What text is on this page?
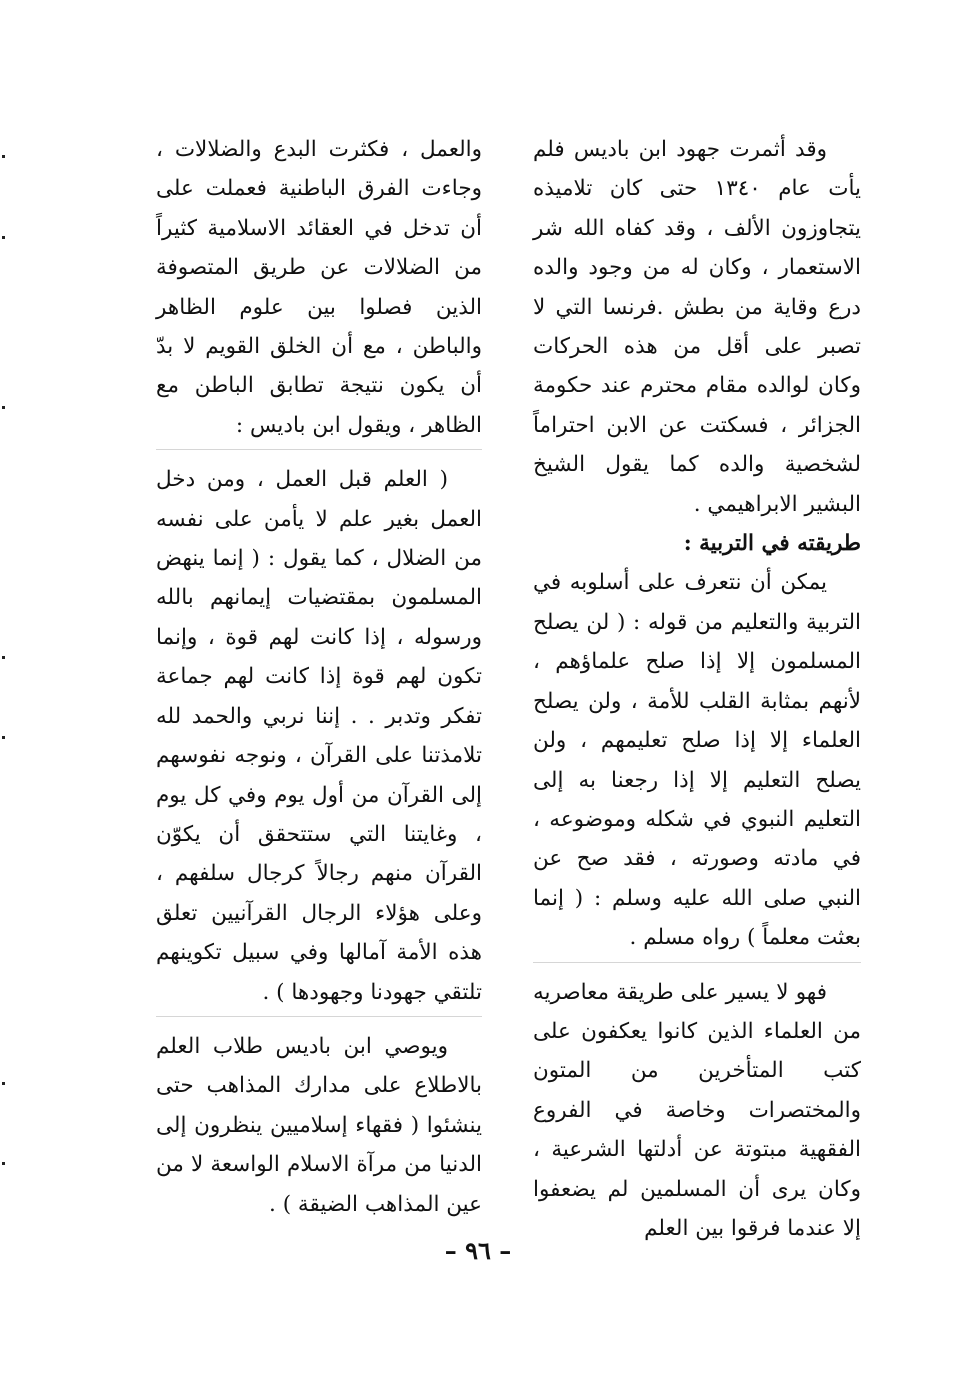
وقد أثمرت جهود ابن باديس فلم يأت عام ١٣٤٠ حتى كان تلاميذه يتجاوزون الألف ، وقد كفاه الله شر الاستعمار ، وكان له من وجود والده درع وقاية من بطش .فرنسا التي لا تصبر على أقل من هذه الحركات وكان لوالده مقام محترم عند حكومة الجزائر ، فسكتت عن الابن احتراماً لشخصية والده كما يقول الشيخ البشير الابراهيمي .

طريقته في التربية :

يمكن أن نتعرف على أسلوبه في التربية والتعليم من قوله : ( لن يصلح المسلمون إلا إذا صلح علماؤهم ، لأنهم بمثابة القلب للأمة ، ولن يصلح العلماء إلا إذا صلح تعليمهم ، ولن يصلح التعليم إلا إذا رجعنا به إلى التعليم النبوي في شكله وموضوعه ، في مادته وصورته ، فقد صح عن النبي صلى الله عليه وسلم : ( إنما بعثت معلماً ) رواه مسلم .

فهو لا يسير على طريقة معاصريه من العلماء الذين كانوا يعكفون على كتب المتأخرين من المتون والمختصرات وخاصة في الفروع الفقهية مبتوتة عن أدلتها الشرعية ، وكان يرى أن المسلمين لم يضعفوا إلا عندما فرقوا بين العلم

والعمل ، فكثرت البدع والضلالات ، وجاءت الفرق الباطنية فعملت على أن تدخل في العقائد الاسلامية كثيراً من الضلالات عن طريق المتصوفة الذين فصلوا بين علوم الظاهر والباطن ، مع أن الخلق القويم لا بدّ أن يكون نتيجة تطابق الباطن مع الظاهر ، ويقول ابن باديس :

( العلم قبل العمل ، ومن دخل العمل بغير علم لا يأمن على نفسه من الضلال ، كما يقول : ( إنما ينهض المسلمون بمقتضيات إيمانهم بالله ورسوله ، إذا كانت لهم قوة ، وإنما تكون لهم قوة إذا كانت لهم جماعة تفكر وتدبر . . إننا نربي والحمد لله تلامذتنا على القرآن ، ونوجه نفوسهم إلى القرآن من أول يوم وفي كل يوم ، وغايتنا التي ستتحقق أن يكوّن القرآن منهم رجالاً كرجال سلفهم ، وعلى هؤلاء الرجال القرآنيين تعلق هذه الأمة آمالها وفي سبيل تكوينهم تلتقي جهودنا وجهودها ) .

ويوصي ابن باديس طلاب العلم بالاطلاع على مدارك المذاهب حتى ينشئوا ( فقهاء إسلاميين ينظرون إلى الدنيا من مرآة الاسلام الواسعة لا من عين المذاهب الضيقة ) .

– ٩٦ –
